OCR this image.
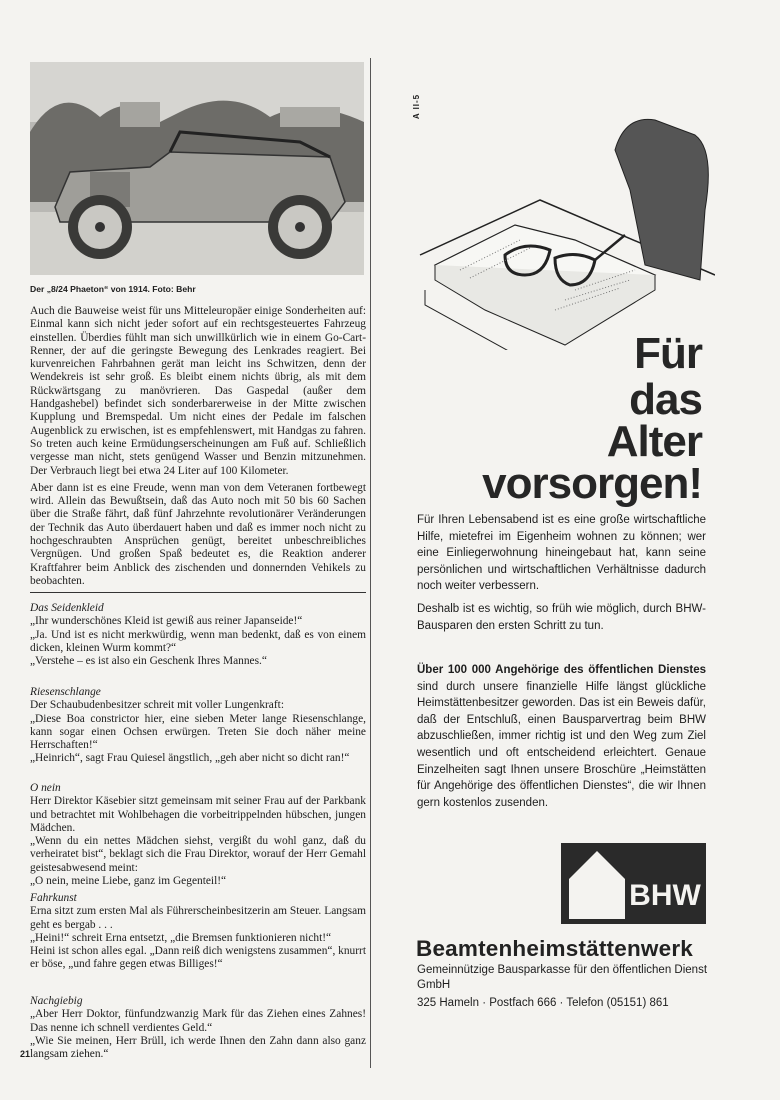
Der „8/24 Phaeton“ von 1914. Foto: Behr

Auch die Bauweise weist für uns Mitteleuropäer einige Sonderheiten auf: Einmal kann sich nicht jeder sofort auf ein rechtsgesteuertes Fahrzeug einstellen. Überdies fühlt man sich unwillkürlich wie in einem Go-Cart-Renner, der auf die geringste Bewegung des Lenkrades reagiert. Bei kurvenreichen Fahrbahnen gerät man leicht ins Schwitzen, denn der Wendekreis ist sehr groß. Es bleibt einem nichts übrig, als mit dem Rückwärtsgang zu manövrieren. Das Gaspedal (außer dem Handgashebel) befindet sich sonderbarerweise in der Mitte zwischen Kupplung und Bremspedal. Um nicht eines der Pedale im falschen Augenblick zu erwischen, ist es empfehlenswert, mit Handgas zu fahren. So treten auch keine Ermüdungserscheinungen am Fuß auf. Schließlich vergesse man nicht, stets genügend Wasser und Benzin mitzunehmen. Der Verbrauch liegt bei etwa 24 Liter auf 100 Kilometer.

Aber dann ist es eine Freude, wenn man von dem Veteranen fortbewegt wird. Allein das Bewußtsein, daß das Auto noch mit 50 bis 60 Sachen über die Straße fährt, daß fünf Jahrzehnte revolutionärer Veränderungen der Technik das Auto überdauert haben und daß es immer noch nicht zu hochgeschraubten Ansprüchen genügt, bereitet unbeschreibliches Vergnügen. Und großen Spaß bedeutet es, die Reaktion anderer Kraftfahrer beim Anblick des zischenden und donnernden Vehikels zu beobachten.

Das Seidenkleid

„Ihr wunderschönes Kleid ist gewiß aus reiner Japanseide!“

„Ja. Und ist es nicht merkwürdig, wenn man bedenkt, daß es von einem dicken, kleinen Wurm kommt?“

„Verstehe – es ist also ein Geschenk Ihres Mannes.“

Riesenschlange

Der Schaubudenbesitzer schreit mit voller Lungenkraft:

„Diese Boa constrictor hier, eine sieben Meter lange Riesenschlange, kann sogar einen Ochsen erwürgen. Treten Sie doch näher meine Herrschaften!“

„Heinrich“, sagt Frau Quiesel ängstlich, „geh aber nicht so dicht ran!“

O nein

Herr Direktor Käsebier sitzt gemeinsam mit seiner Frau auf der Parkbank und betrachtet mit Wohlbehagen die vorbeitrippelnden hübschen, jungen Mädchen.

„Wenn du ein nettes Mädchen siehst, vergißt du wohl ganz, daß du verheiratet bist“, beklagt sich die Frau Direktor, worauf der Herr Gemahl geistesabwesend meint:

„O nein, meine Liebe, ganz im Gegenteil!“

Fahrkunst

Erna sitzt zum ersten Mal als Führerscheinbesitzerin am Steuer. Langsam geht es bergab . . .

„Heini!“ schreit Erna entsetzt, „die Bremsen funktionieren nicht!“

Heini ist schon alles egal. „Dann reiß dich wenigstens zusammen“, knurrt er böse, „und fahre gegen etwas Billiges!“

Nachgiebig

„Aber Herr Doktor, fünfundzwanzig Mark für das Ziehen eines Zahnes! Das nenne ich schnell verdientes Geld.“

„Wie Sie meinen, Herr Brüll, ich werde Ihnen den Zahn dann also ganz langsam ziehen.“

21
A II-5
Für
das
Alter
vorsorgen!

Für Ihren Lebensabend ist es eine große wirtschaftliche Hilfe, mietefrei im Eigenheim wohnen zu können; wer eine Einliegerwohnung hineingebaut hat, kann seine persönlichen und wirtschaftlichen Verhältnisse dadurch noch weiter verbessern.

Deshalb ist es wichtig, so früh wie möglich, durch BHW-Bausparen den ersten Schritt zu tun.

Über 100 000 Angehörige des öffentlichen Dienstes sind durch unsere finanzielle Hilfe längst glückliche Heimstättenbesitzer geworden. Das ist ein Beweis dafür, daß der Entschluß, einen Bausparvertrag beim BHW abzuschließen, immer richtig ist und den Weg zum Ziel wesentlich und oft entscheidend erleichtert. Genaue Einzelheiten sagt Ihnen unsere Broschüre „Heimstätten für Angehörige des öffentlichen Dienstes“, die wir Ihnen gern kostenlos zusenden.

BHW
Beamtenheimstättenwerk
Gemeinnützige Bausparkasse für den öffentlichen Dienst GmbH
325 Hameln · Postfach 666 · Telefon (05151) 861
